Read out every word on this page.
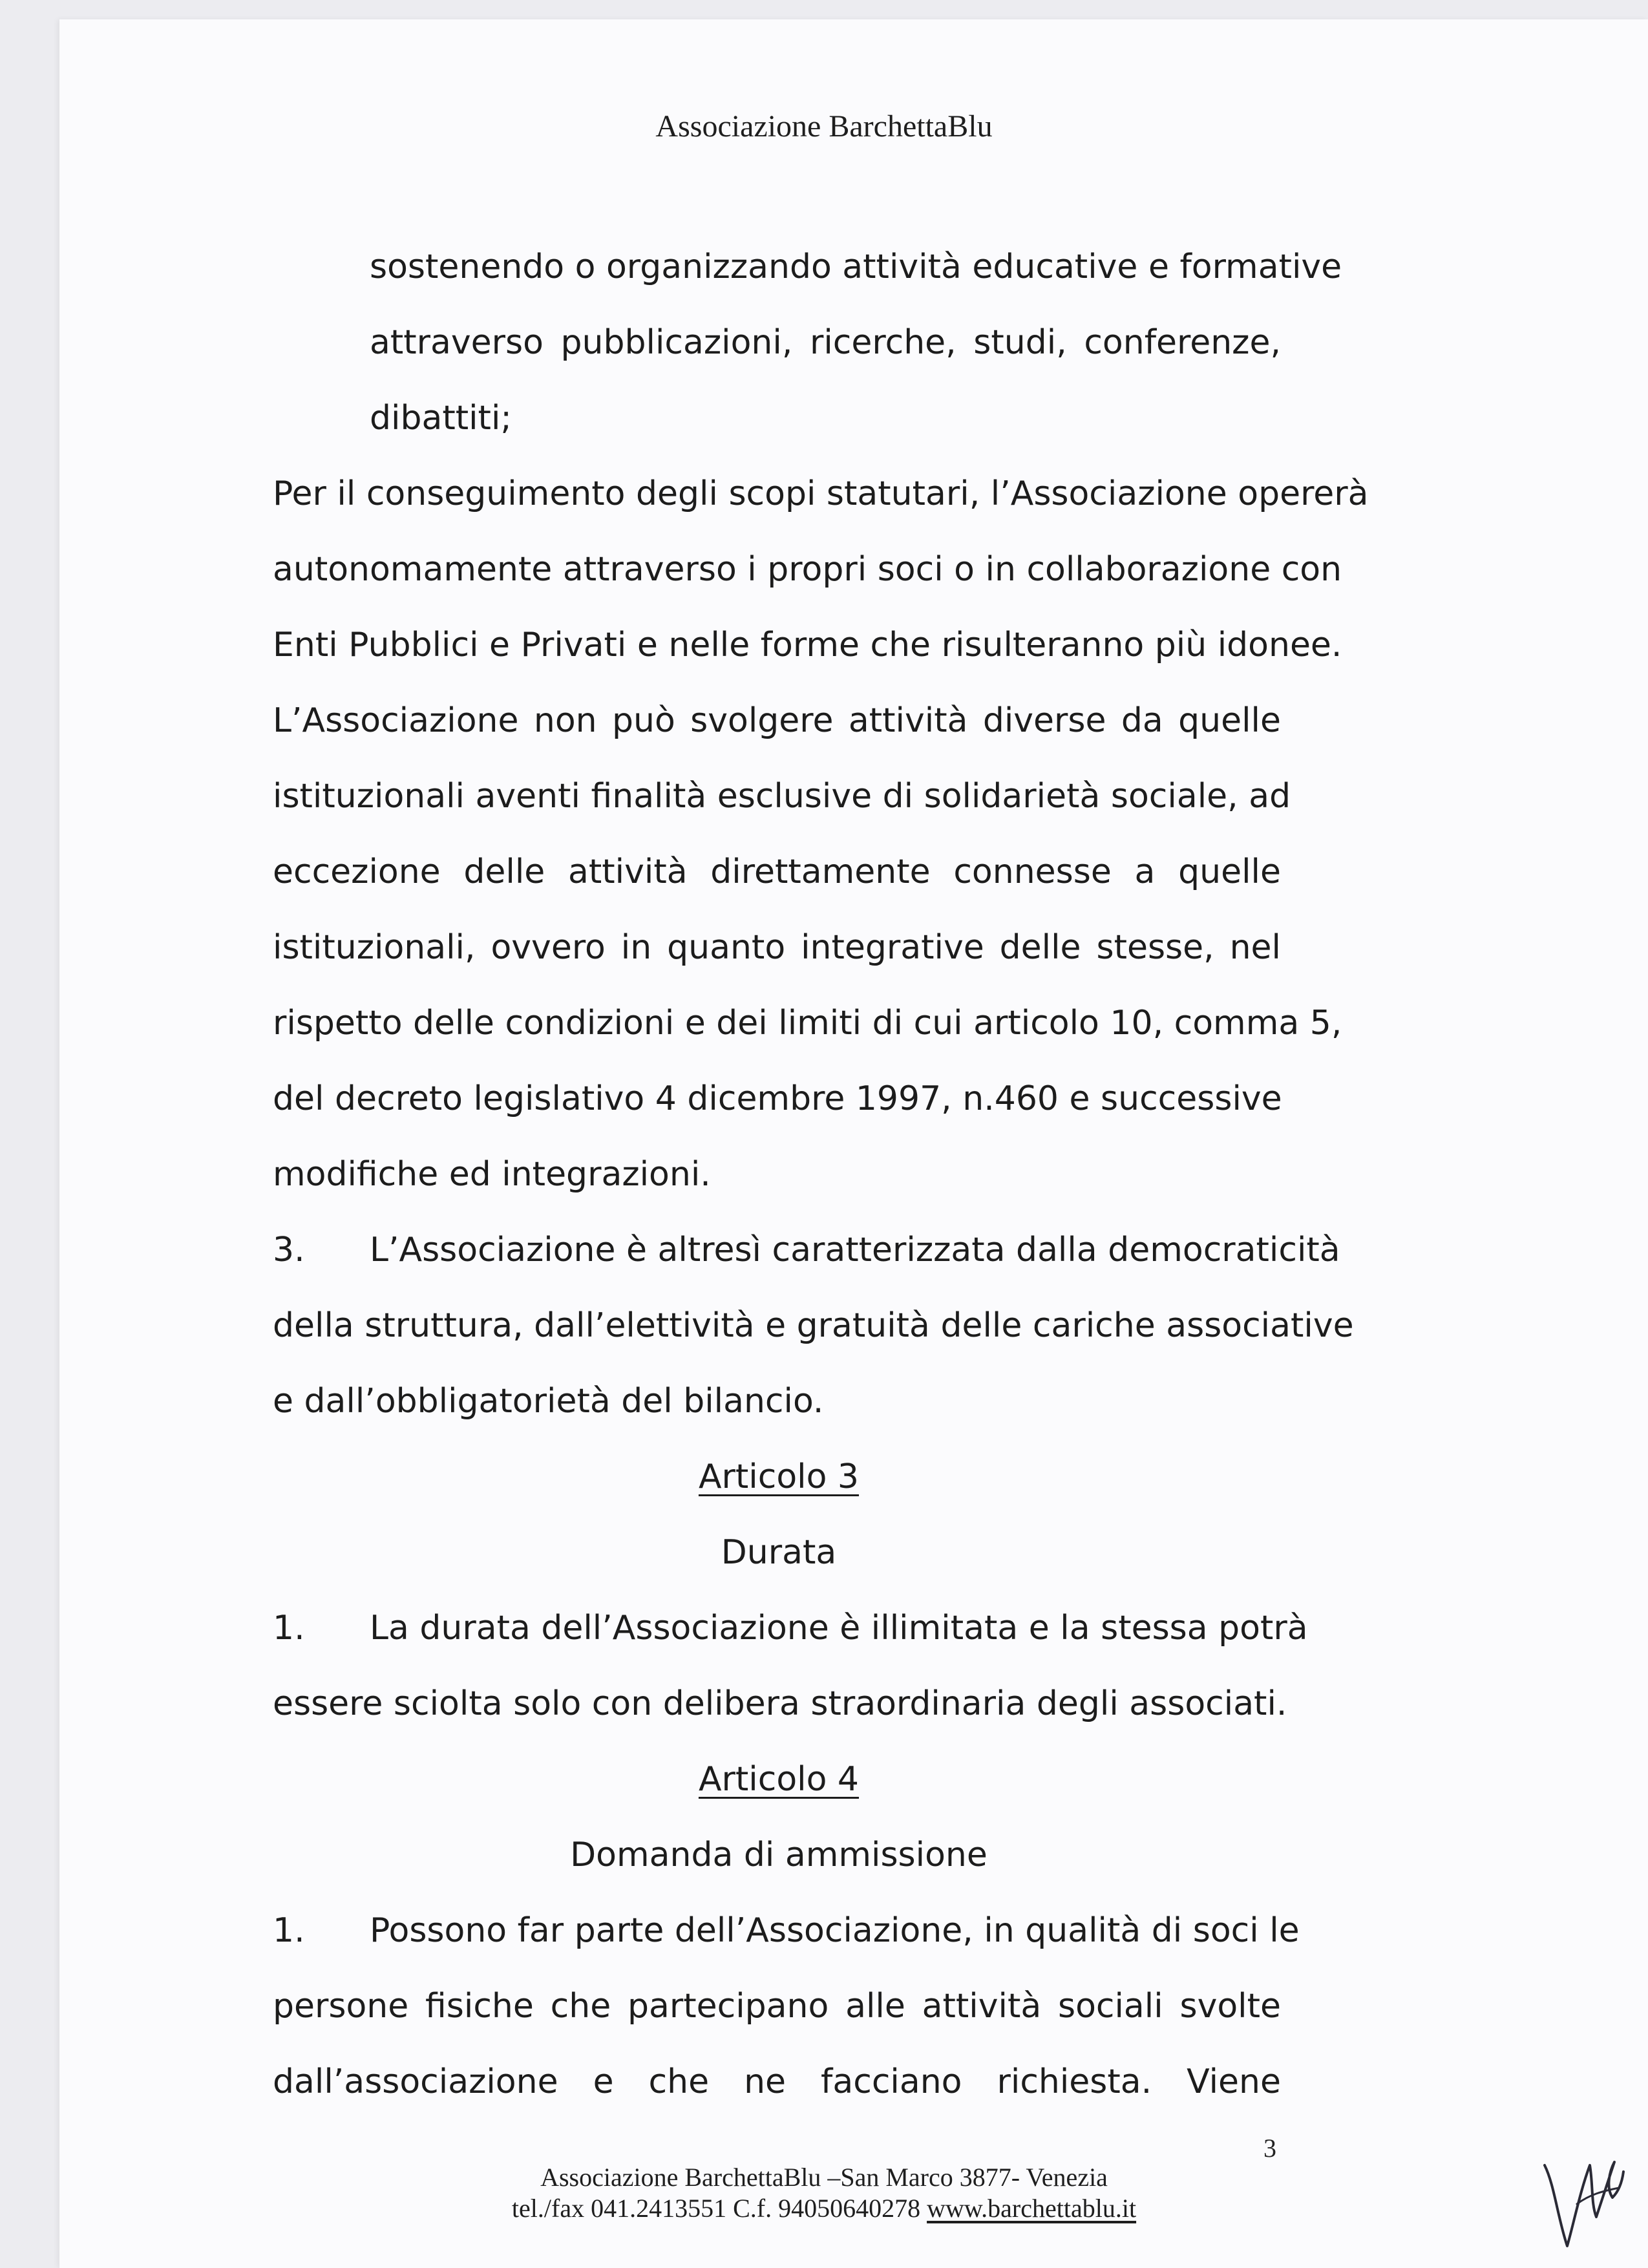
Associazione BarchettaBlu
sostenendo o organizzando attività educative e formative
attraverso pubblicazioni, ricerche, studi, conferenze,
dibattiti;
Per il conseguimento degli scopi statutari, l’Associazione opererà
autonomamente attraverso i propri soci o in collaborazione con
Enti Pubblici e Privati e nelle forme che risulteranno più idonee.
L’Associazione non può svolgere attività diverse da quelle
istituzionali aventi finalità esclusive di solidarietà sociale, ad
eccezione delle attività direttamente connesse a quelle
istituzionali, ovvero in quanto integrative delle stesse, nel
rispetto delle condizioni e dei limiti di cui articolo 10, comma 5,
del decreto legislativo 4 dicembre 1997, n.460 e successive
modifiche ed integrazioni.
3. L’Associazione è altresì caratterizzata dalla democraticità
della struttura, dall’elettività e gratuità delle cariche associative
e dall’obbligatorietà del bilancio.
Articolo 3
Durata
1. La durata dell’Associazione è illimitata e la stessa potrà
essere sciolta solo con delibera straordinaria degli associati.
Articolo 4
Domanda di ammissione
1. Possono far parte dell’Associazione, in qualità di soci le
persone fisiche che partecipano alle attività sociali svolte
dall’associazione e che ne facciano richiesta. Viene
3
Associazione BarchettaBlu –San Marco 3877- Venezia
tel./fax 041.2413551 C.f. 94050640278 www.barchettablu.it
